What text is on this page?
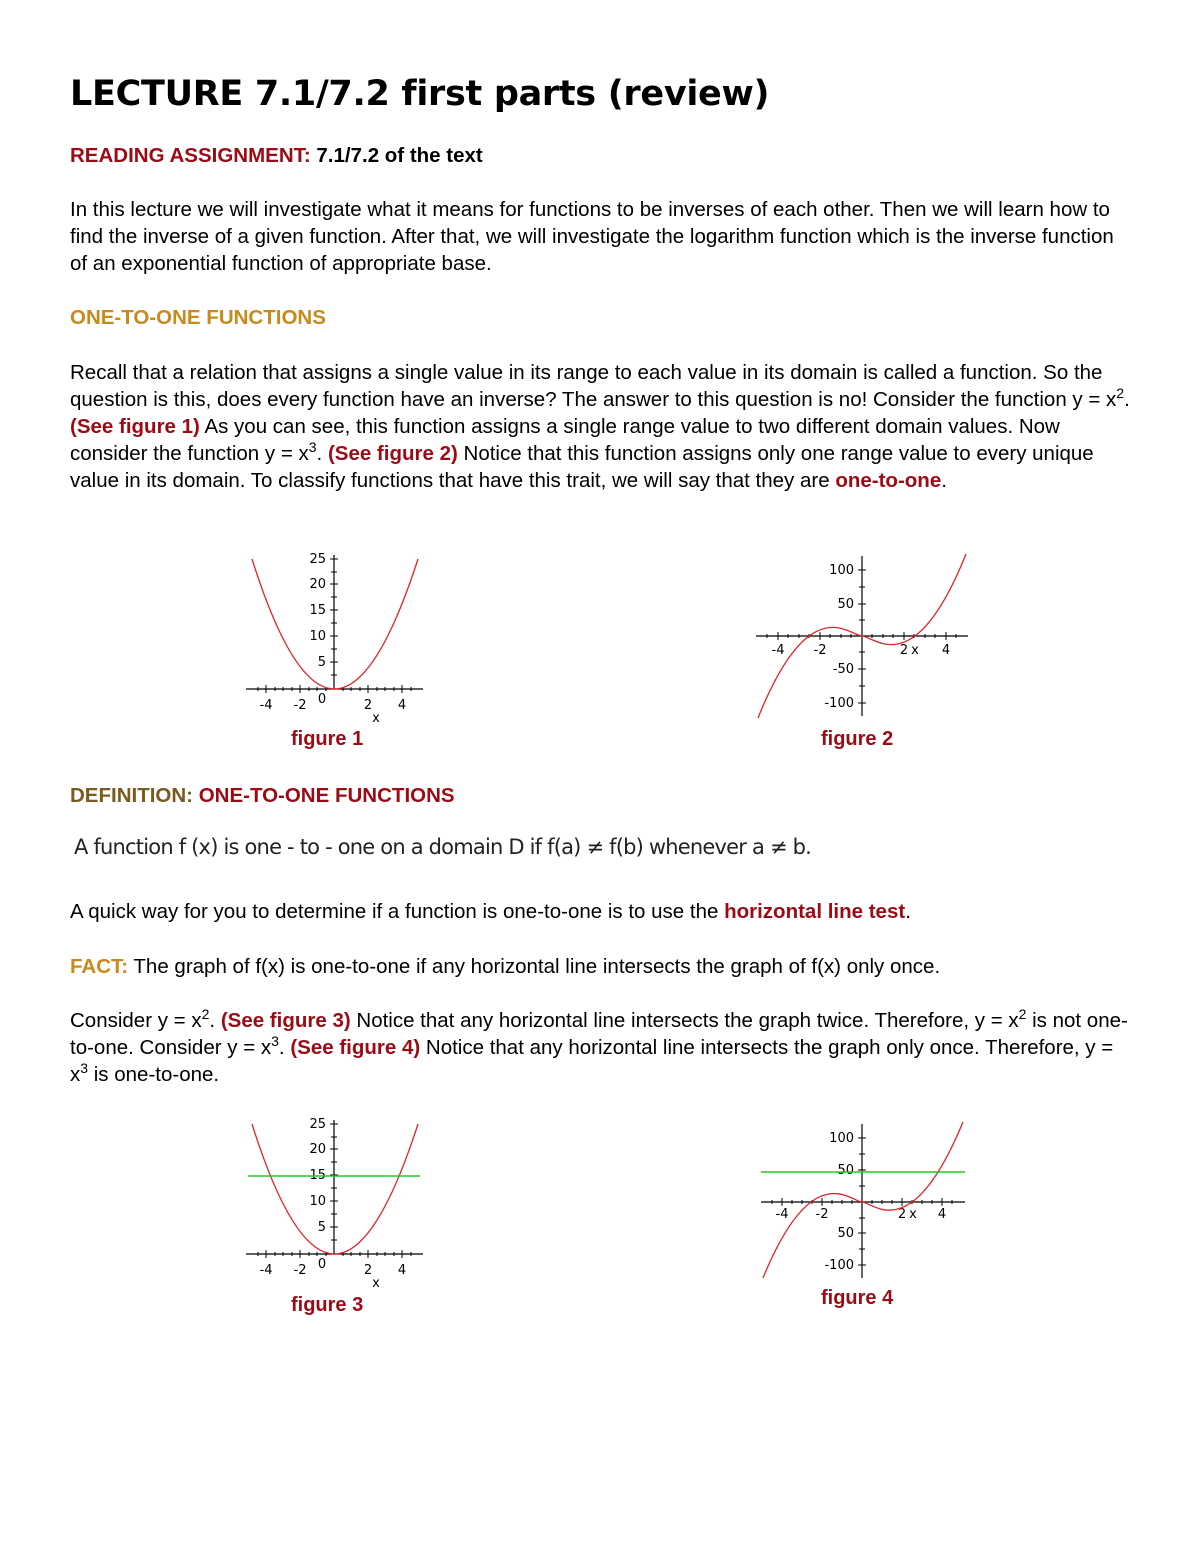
LECTURE 7.1/7.2 first parts (review)

READING ASSIGNMENT: 7.1/7.2 of the text

In this lecture we will investigate what it means for functions to be inverses of each other. Then we will learn how to find the inverse of a given function. After that, we will investigate the logarithm function which is the inverse function of an exponential function of appropriate base.

ONE-TO-ONE FUNCTIONS

Recall that a relation that assigns a single value in its range to each value in its domain is called a function. So the question is this, does every function have an inverse? The answer to this question is no! Consider the function $y = x^2$. (See figure 1) As you can see, this function assigns a single range value to two different domain values. Now consider the function $y = x^3$. (See figure 2) Notice that this function assigns only one range value to every unique value in its domain. To classify functions that have this trait, we will say that they are one-to-one.

25
20
15
10
5
-4 -2 0	2 4
x
figure 1
100
50
-50
-100
-4 -2	2	4
x
figure 2

DEFINITION: ONE-TO-ONE FUNCTIONS

A function f (x) is one - to - one on a domain D if f(a) ≠ f(b) whenever a ≠ b.

A quick way for you to determine if a function is one-to-one is to use the horizontal line test.

FACT: The graph of f(x) is one-to-one if any horizontal line intersects the graph of f(x) only once.

Consider $y = x^2$. (See figure 3) Notice that any horizontal line intersects the graph twice. Therefore, $y = x^2$ is not one-to-one. Consider $y = x^3$. (See figure 4) Notice that any horizontal line intersects the graph only once. Therefore, $y = x^3$ is one-to-one.

25
20
15
10
5
-4 -2 0	2 4
x
figure 3
100
50
50
-100
-4 -2	2 4
x
figure 4
